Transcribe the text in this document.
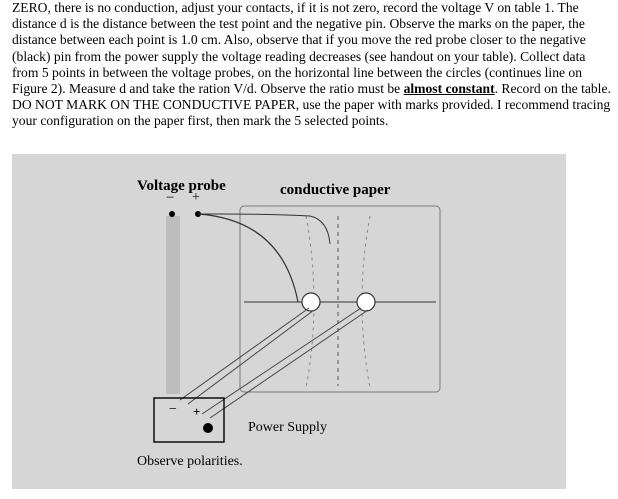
ZERO, there is no conduction, adjust your contacts, if it is not zero, record the voltage V on table 1. The distance d is the distance between the test point and the negative pin. Observe the marks on the paper, the distance between each point is 1.0 cm. Also, observe that if you move the red probe closer to the negative (black) pin from the power supply the voltage reading decreases (see handout on your table). Collect data from 5 points in between the voltage probes, on the horizontal line between the circles (continues line on Figure 2). Measure d and take the ration V/d. Observe the ratio must be almost constant. Record on the table. DO NOT MARK ON THE CONDUCTIVE PAPER, use the paper with marks provided. I recommend tracing your configuration on the paper first, then mark the 5 selected points.

Voltage probe
− +	conductive paper
− +
Power Supply
Observe polarities.
